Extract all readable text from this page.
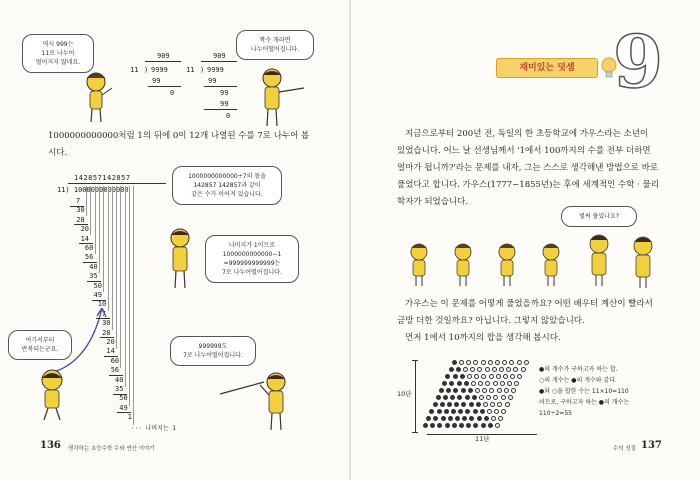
역시 999는
11로 나누어
떨어지지 않네요.
909
11 ) 9999
99
0
909
11 ) 9999
99
99
99
0
짝수 개라면
나누어떨어집니다.
1000000000000처럼 1의 뒤에 0이 12개 나열된 수를 7로 나누어 봅시다.
142857142857
11) 1000000000000
7
30
28
20
14
60
56
40
35
50
49
10
7
30
28
20
14
60
56
40
35
50
49
1
··· 나머지는 1
1000000000000÷7의 몫을
142857 142857과 같이
같은 수가 이어져 있습니다.
나머지가 1이므로
1000000000000−1
=999999999999는
7로 나누어떨어집니다.
여기서부터
반복되는군요.	999999도
7로 나누어떨어집니다.
136 생각하는 초등수학 수와 연산 이야기
재미있는 덧셈 9
지금으로부터 200년 전, 독일의 한 초등학교에 가우스라는 소년이 있었습니다. 어느 날 선생님께서 '1에서 100까지의 수를 전부 더하면 얼마가 됩니까?'라는 문제를 내자, 그는 스스로 생각해낸 방법으로 바로 풀었다고 합니다. 가우스(1777~1855년)는 후에 세계적인 수학 · 물리학자가 되었습니다.
벌써 풀었나요?
가우스는 이 문제를 어떻게 풀었을까요? 어떤 배우터 계산이 빨라서 금방 더한 것일까요? 아닙니다. 그렇지 않았습니다.
먼저 1에서 10까지의 합을 생각해 봅시다.
10단
11단
●의 개수가 구하고자 하는 합.
○의 개수는 ●의 개수와 같다.
●와 ○을 합한 수는 11×10=110
이므로, 구하고자 하는 ●의 개수는
110÷2=55
수의 성질 137
